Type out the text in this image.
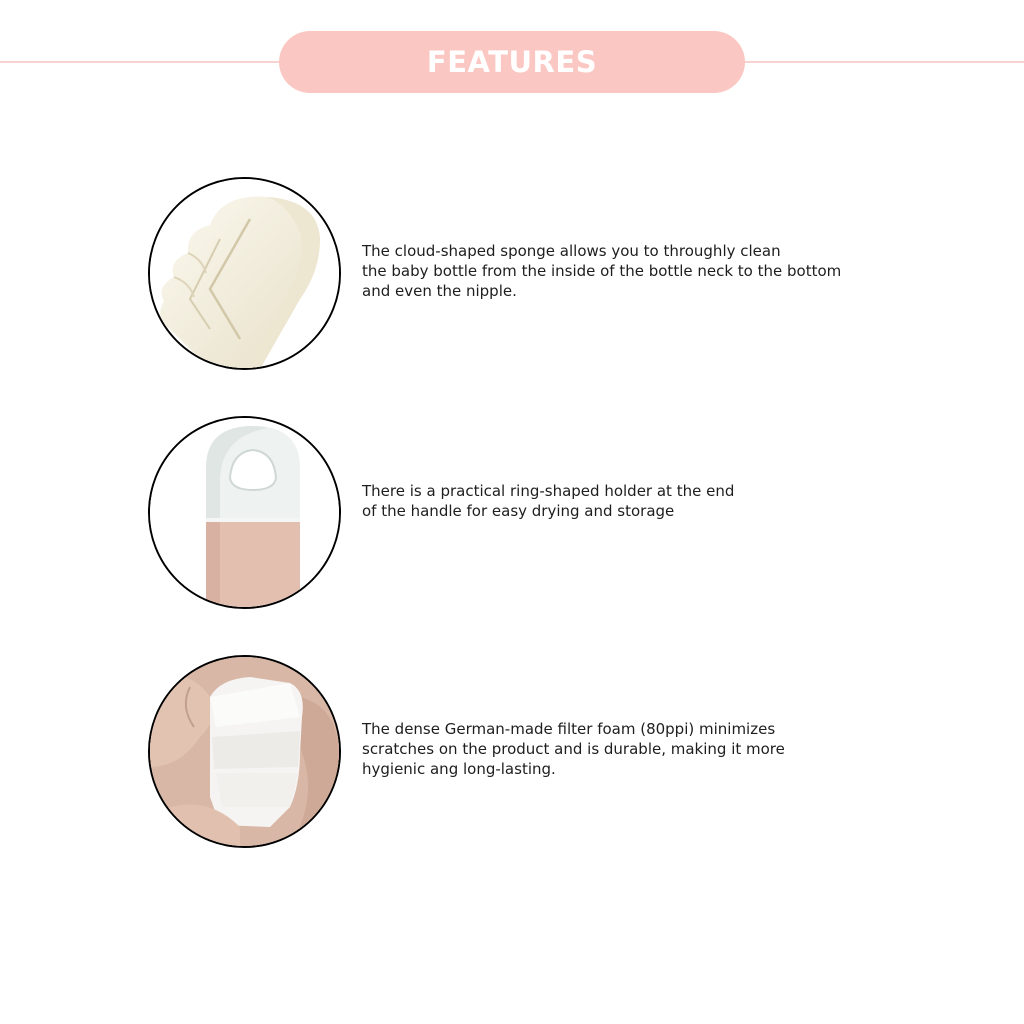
FEATURES

The cloud-shaped sponge allows you to throughly clean
the baby bottle from the inside of the bottle neck to the bottom
and even the nipple.

There is a practical ring-shaped holder at the end
of the handle for easy drying and storage

The dense German-made filter foam (80ppi) minimizes
scratches on the product and is durable, making it more
hygienic ang long-lasting.
